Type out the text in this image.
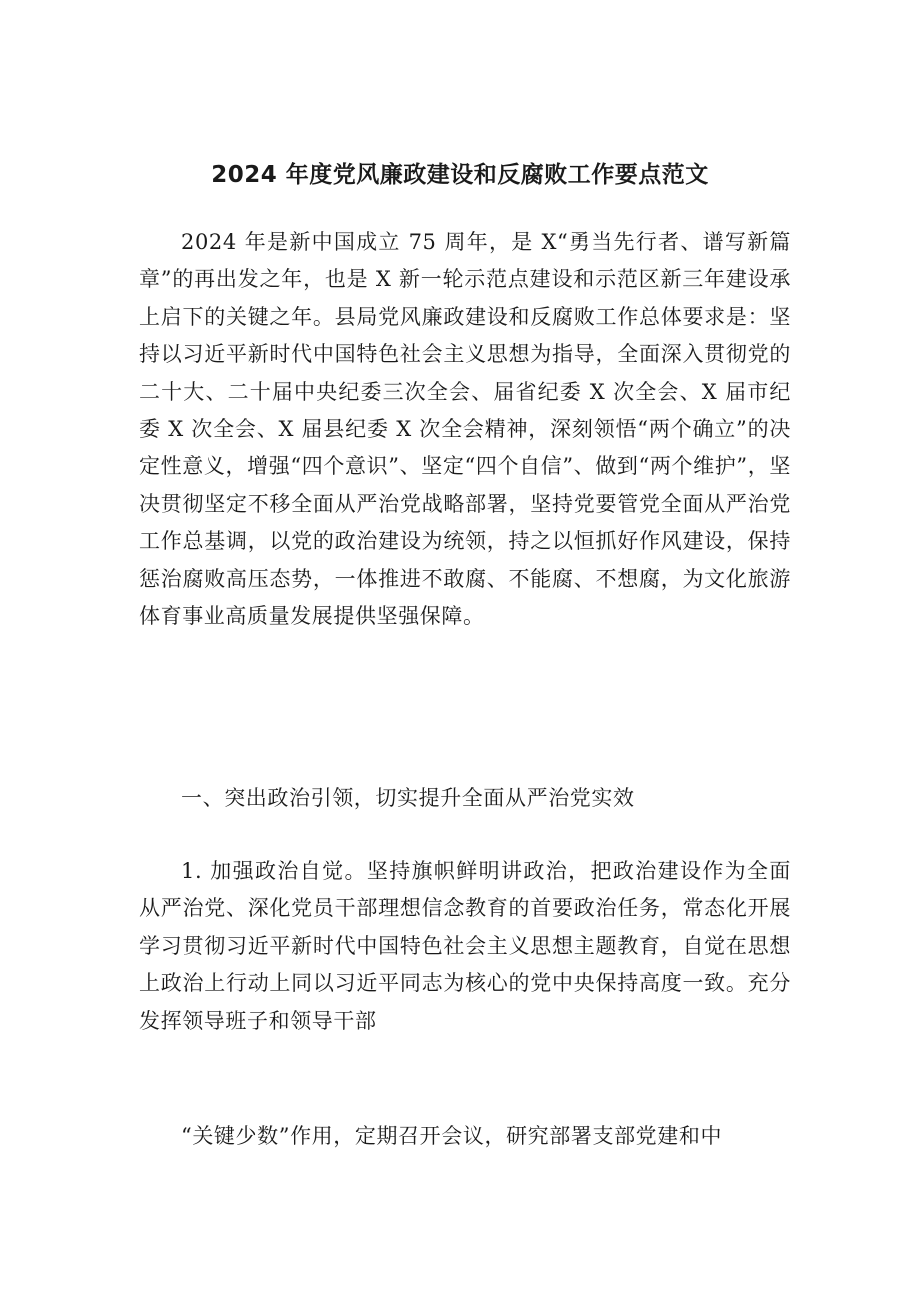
2024 年度党风廉政建设和反腐败工作要点范文

2024 年是新中国成立 75 周年，是 X“勇当先行者、谱写新篇章”的再出发之年，也是 X 新一轮示范点建设和示范区新三年建设承上启下的关键之年。县局党风廉政建设和反腐败工作总体要求是：坚持以习近平新时代中国特色社会主义思想为指导，全面深入贯彻党的二十大、二十届中央纪委三次全会、届省纪委 X 次全会、X 届市纪委 X 次全会、X 届县纪委 X 次全会精神，深刻领悟“两个确立”的决定性意义，增强“四个意识”、坚定“四个自信”、做到“两个维护”，坚决贯彻坚定不移全面从严治党战略部署，坚持党要管党全面从严治党工作总基调，以党的政治建设为统领，持之以恒抓好作风建设，保持惩治腐败高压态势，一体推进不敢腐、不能腐、不想腐，为文化旅游体育事业高质量发展提供坚强保障。

一、突出政治引领，切实提升全面从严治党实效

1. 加强政治自觉。坚持旗帜鲜明讲政治，把政治建设作为全面从严治党、深化党员干部理想信念教育的首要政治任务，常态化开展学习贯彻习近平新时代中国特色社会主义思想主题教育，自觉在思想上政治上行动上同以习近平同志为核心的党中央保持高度一致。充分发挥领导班子和领导干部

“关键少数”作用，定期召开会议，研究部署支部党建和中
